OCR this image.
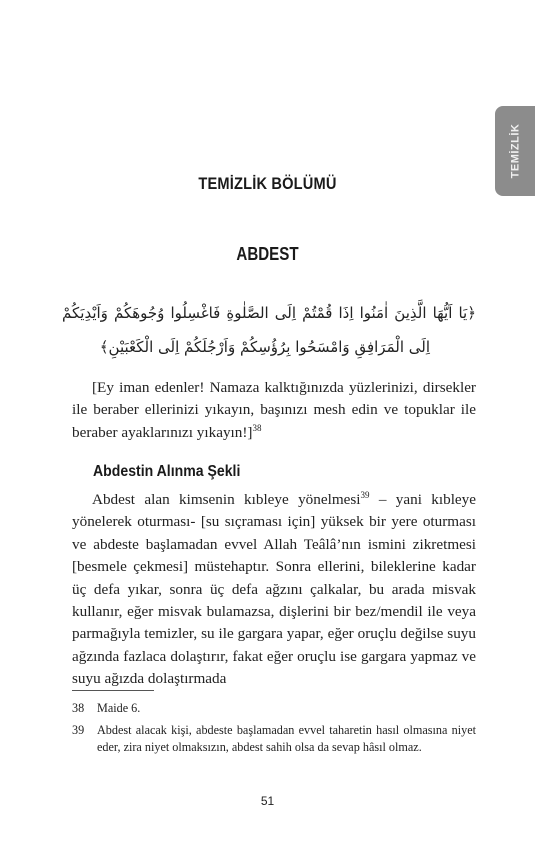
TEMİZLİK
TEMİZLİK BÖLÜMÜ
ABDEST
﴿يَا اَيُّهَا الَّذِينَ اٰمَنُوا اِذَا قُمْتُمْ اِلَى الصَّلٰوةِ فَاغْسِلُوا وُجُوهَكُمْ وَاَيْدِيَكُمْ
اِلَى الْمَرَافِقِ وَامْسَحُوا بِرُؤُسِكُمْ وَاَرْجُلَكُمْ اِلَى الْكَعْبَيْنِ﴾

[Ey iman edenler! Namaza kalktığınızda yüzlerinizi, dirsekler ile beraber ellerinizi yıkayın, başınızı mesh edin ve topuklar ile beraber ayaklarınızı yıkayın!]$^{38}$

Abdestin Alınma Şekli

Abdest alan kimsenin kıbleye yönelmesi$^{39}$ – yani kıbleye yönelerek oturması- [su sıçraması için] yüksek bir yere oturması ve abdeste başlamadan evvel Allah Teâlâ’nın ismini zikretmesi [besmele çekmesi] müstehaptır. Sonra ellerini, bileklerine kadar üç defa yıkar, sonra üç defa ağzını çalkalar, bu arada misvak kullanır, eğer misvak bulamazsa, dişlerini bir bez/mendil ile veya parmağıyla temizler, su ile gargara yapar, eğer oruçlu değilse suyu ağzında fazlaca dolaştırır, fakat eğer oruçlu ise gargara yapmaz ve suyu ağızda dolaştırmada

38 Maide 6.
39 Abdest alacak kişi, abdeste başlamadan evvel taharetin hasıl olmasına niyet eder, zira niyet olmaksızın, abdest sahih olsa da sevap hâsıl olmaz.
51
